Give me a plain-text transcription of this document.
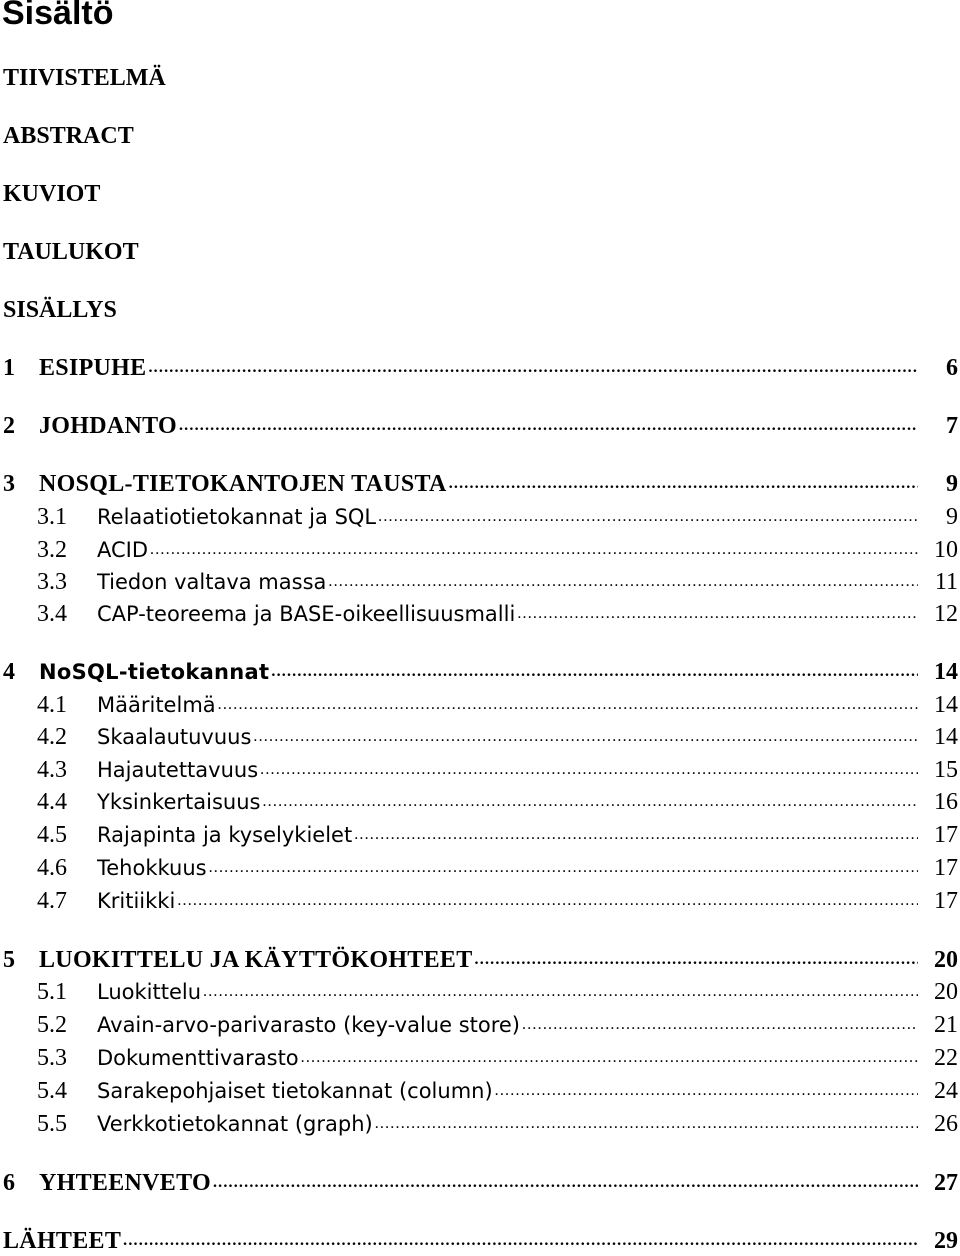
Sisältö
TIIVISTELMÄ
ABSTRACT
KUVIOT
TAULUKOT
SISÄLLYS
1 ESIPUHE .....	6
2 JOHDANTO .....	7
3 NOSQL-TIETOKANTOJEN TAUSTA .....	9
3.1 Relaatiotietokannat ja SQL .....	9
3.2 ACID .....	10
3.3 Tiedon valtava massa .....	11
3.4 CAP-teoreema ja BASE-oikeellisuusmalli .....	12
4 NoSQL-tietokannat .....	14
4.1 Määritelmä .....	14
4.2 Skaalautuvuus .....	14
4.3 Hajautettavuus .....	15
4.4 Yksinkertaisuus .....	16
4.5 Rajapinta ja kyselykielet .....	17
4.6 Tehokkuus .....	17
4.7 Kritiikki .....	17
5 LUOKITTELU JA KÄYTTÖKOHTEET .....	20
5.1 Luokittelu .....	20
5.2 Avain-arvo-parivarasto (key-value store) .....	21
5.3 Dokumenttivarasto .....	22
5.4 Sarakepohjaiset tietokannat (column) .....	24
5.5 Verkkotietokannat (graph) .....	26
6 YHTEENVETO .....	27
LÄHTEET .....	29
